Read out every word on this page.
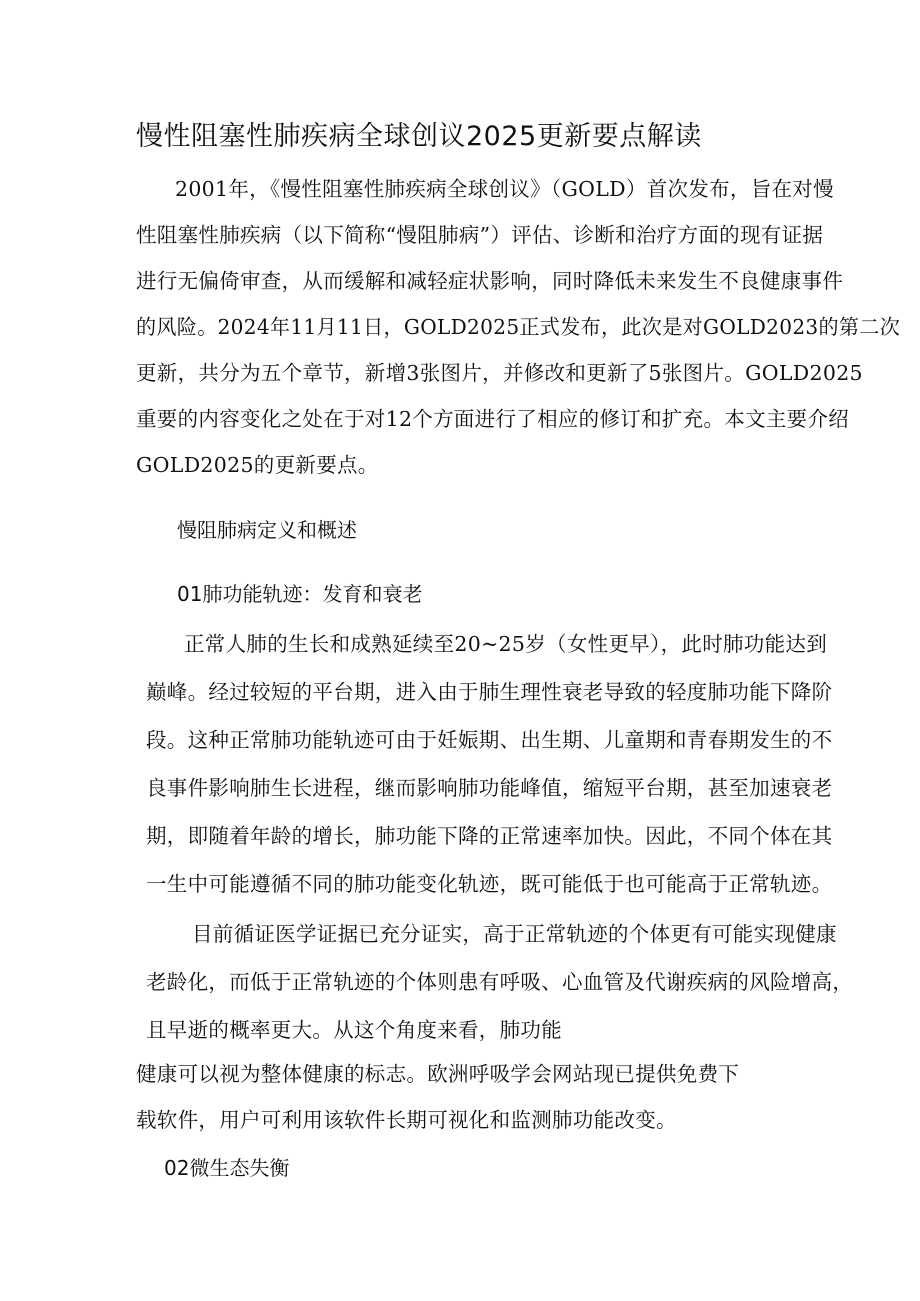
慢性阻塞性肺疾病全球创议2025更新要点解读
2001年，《慢性阻塞性肺疾病全球创议》（GOLD）首次发布，旨在对慢
性阻塞性肺疾病（以下简称“慢阻肺病”）评估、诊断和治疗方面的现有证据
进行无偏倚审查，从而缓解和减轻症状影响，同时降低未来发生不良健康事件
的风险。2024年11月11日，GOLD2025正式发布，此次是对GOLD2023的第二次
更新，共分为五个章节，新增3张图片，并修改和更新了5张图片。GOLD2025
重要的内容变化之处在于对12个方面进行了相应的修订和扩充。本文主要介绍
GOLD2025的更新要点。
慢阻肺病定义和概述
01肺功能轨迹：发育和衰老
正常人肺的生长和成熟延续至20~25岁（女性更早），此时肺功能达到
巅峰。经过较短的平台期，进入由于肺生理性衰老导致的轻度肺功能下降阶
段。这种正常肺功能轨迹可由于妊娠期、出生期、儿童期和青春期发生的不
良事件影响肺生长进程，继而影响肺功能峰值，缩短平台期，甚至加速衰老
期，即随着年龄的增长，肺功能下降的正常速率加快。因此，不同个体在其
一生中可能遵循不同的肺功能变化轨迹，既可能低于也可能高于正常轨迹。
目前循证医学证据已充分证实，高于正常轨迹的个体更有可能实现健康
老龄化，而低于正常轨迹的个体则患有呼吸、心血管及代谢疾病的风险增高，
且早逝的概率更大。从这个角度来看，肺功能
健康可以视为整体健康的标志。欧洲呼吸学会网站现已提供免费下
载软件，用户可利用该软件长期可视化和监测肺功能改变。
02微生态失衡
